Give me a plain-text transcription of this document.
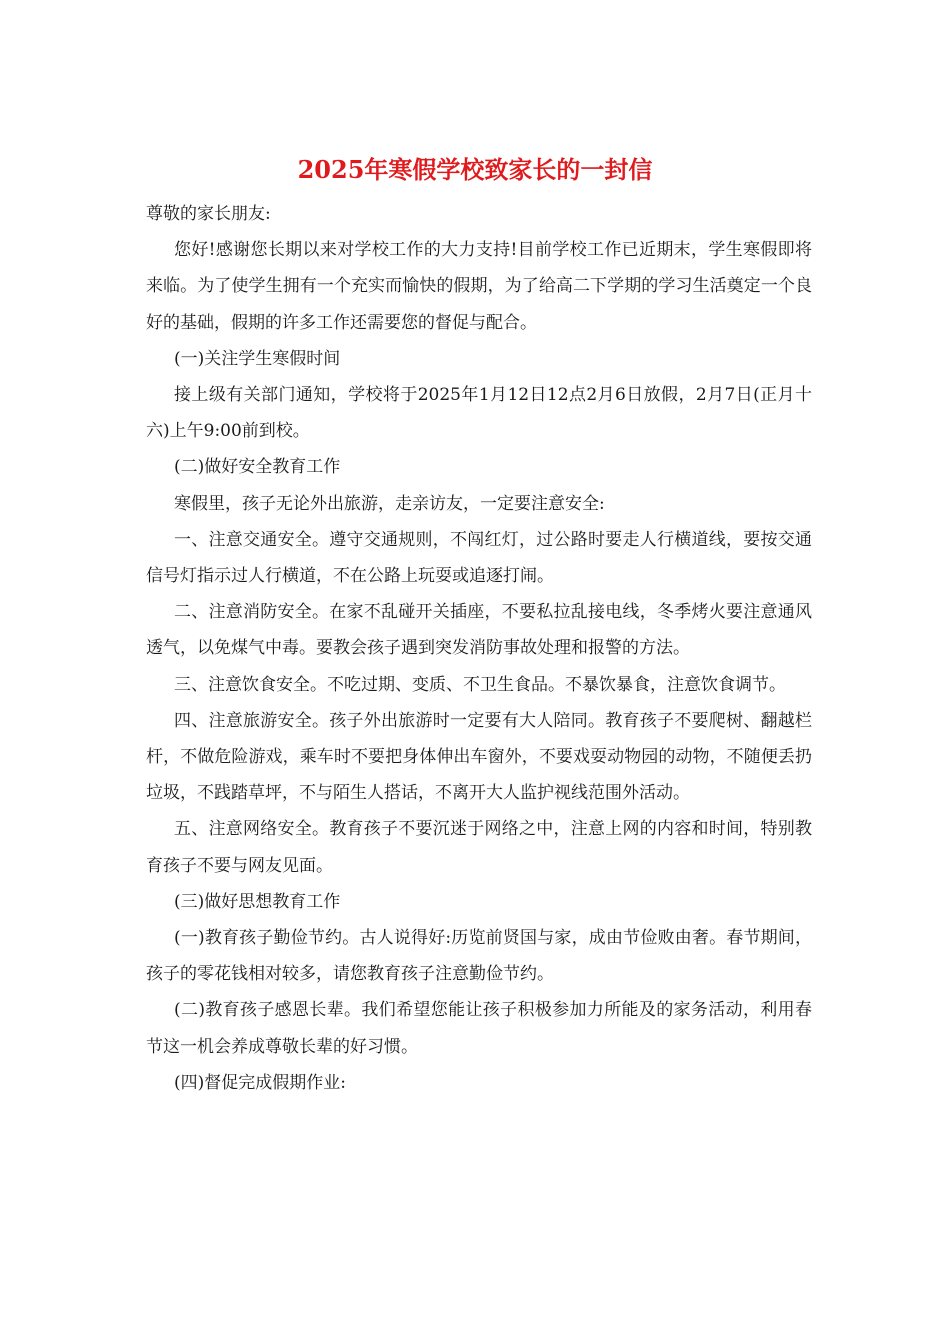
2025年寒假学校致家长的一封信

尊敬的家长朋友:

您好!感谢您长期以来对学校工作的大力支持!目前学校工作已近期末，学生寒假即将来临。为了使学生拥有一个充实而愉快的假期，为了给高二下学期的学习生活奠定一个良好的基础，假期的许多工作还需要您的督促与配合。

(一)关注学生寒假时间

接上级有关部门通知，学校将于2025年1月12日12点2月6日放假，2月7日(正月十六)上午9:00前到校。

(二)做好安全教育工作

寒假里，孩子无论外出旅游，走亲访友，一定要注意安全:

一、注意交通安全。遵守交通规则，不闯红灯，过公路时要走人行横道线，要按交通信号灯指示过人行横道，不在公路上玩耍或追逐打闹。

二、注意消防安全。在家不乱碰开关插座，不要私拉乱接电线，冬季烤火要注意通风透气，以免煤气中毒。要教会孩子遇到突发消防事故处理和报警的方法。

三、注意饮食安全。不吃过期、变质、不卫生食品。不暴饮暴食，注意饮食调节。

四、注意旅游安全。孩子外出旅游时一定要有大人陪同。教育孩子不要爬树、翻越栏杆，不做危险游戏，乘车时不要把身体伸出车窗外，不要戏耍动物园的动物，不随便丢扔垃圾，不践踏草坪，不与陌生人搭话，不离开大人监护视线范围外活动。

五、注意网络安全。教育孩子不要沉迷于网络之中，注意上网的内容和时间，特别教育孩子不要与网友见面。

(三)做好思想教育工作

(一)教育孩子勤俭节约。古人说得好:历览前贤国与家，成由节俭败由奢。春节期间，孩子的零花钱相对较多，请您教育孩子注意勤俭节约。

(二)教育孩子感恩长辈。我们希望您能让孩子积极参加力所能及的家务活动，利用春节这一机会养成尊敬长辈的好习惯。

(四)督促完成假期作业:
